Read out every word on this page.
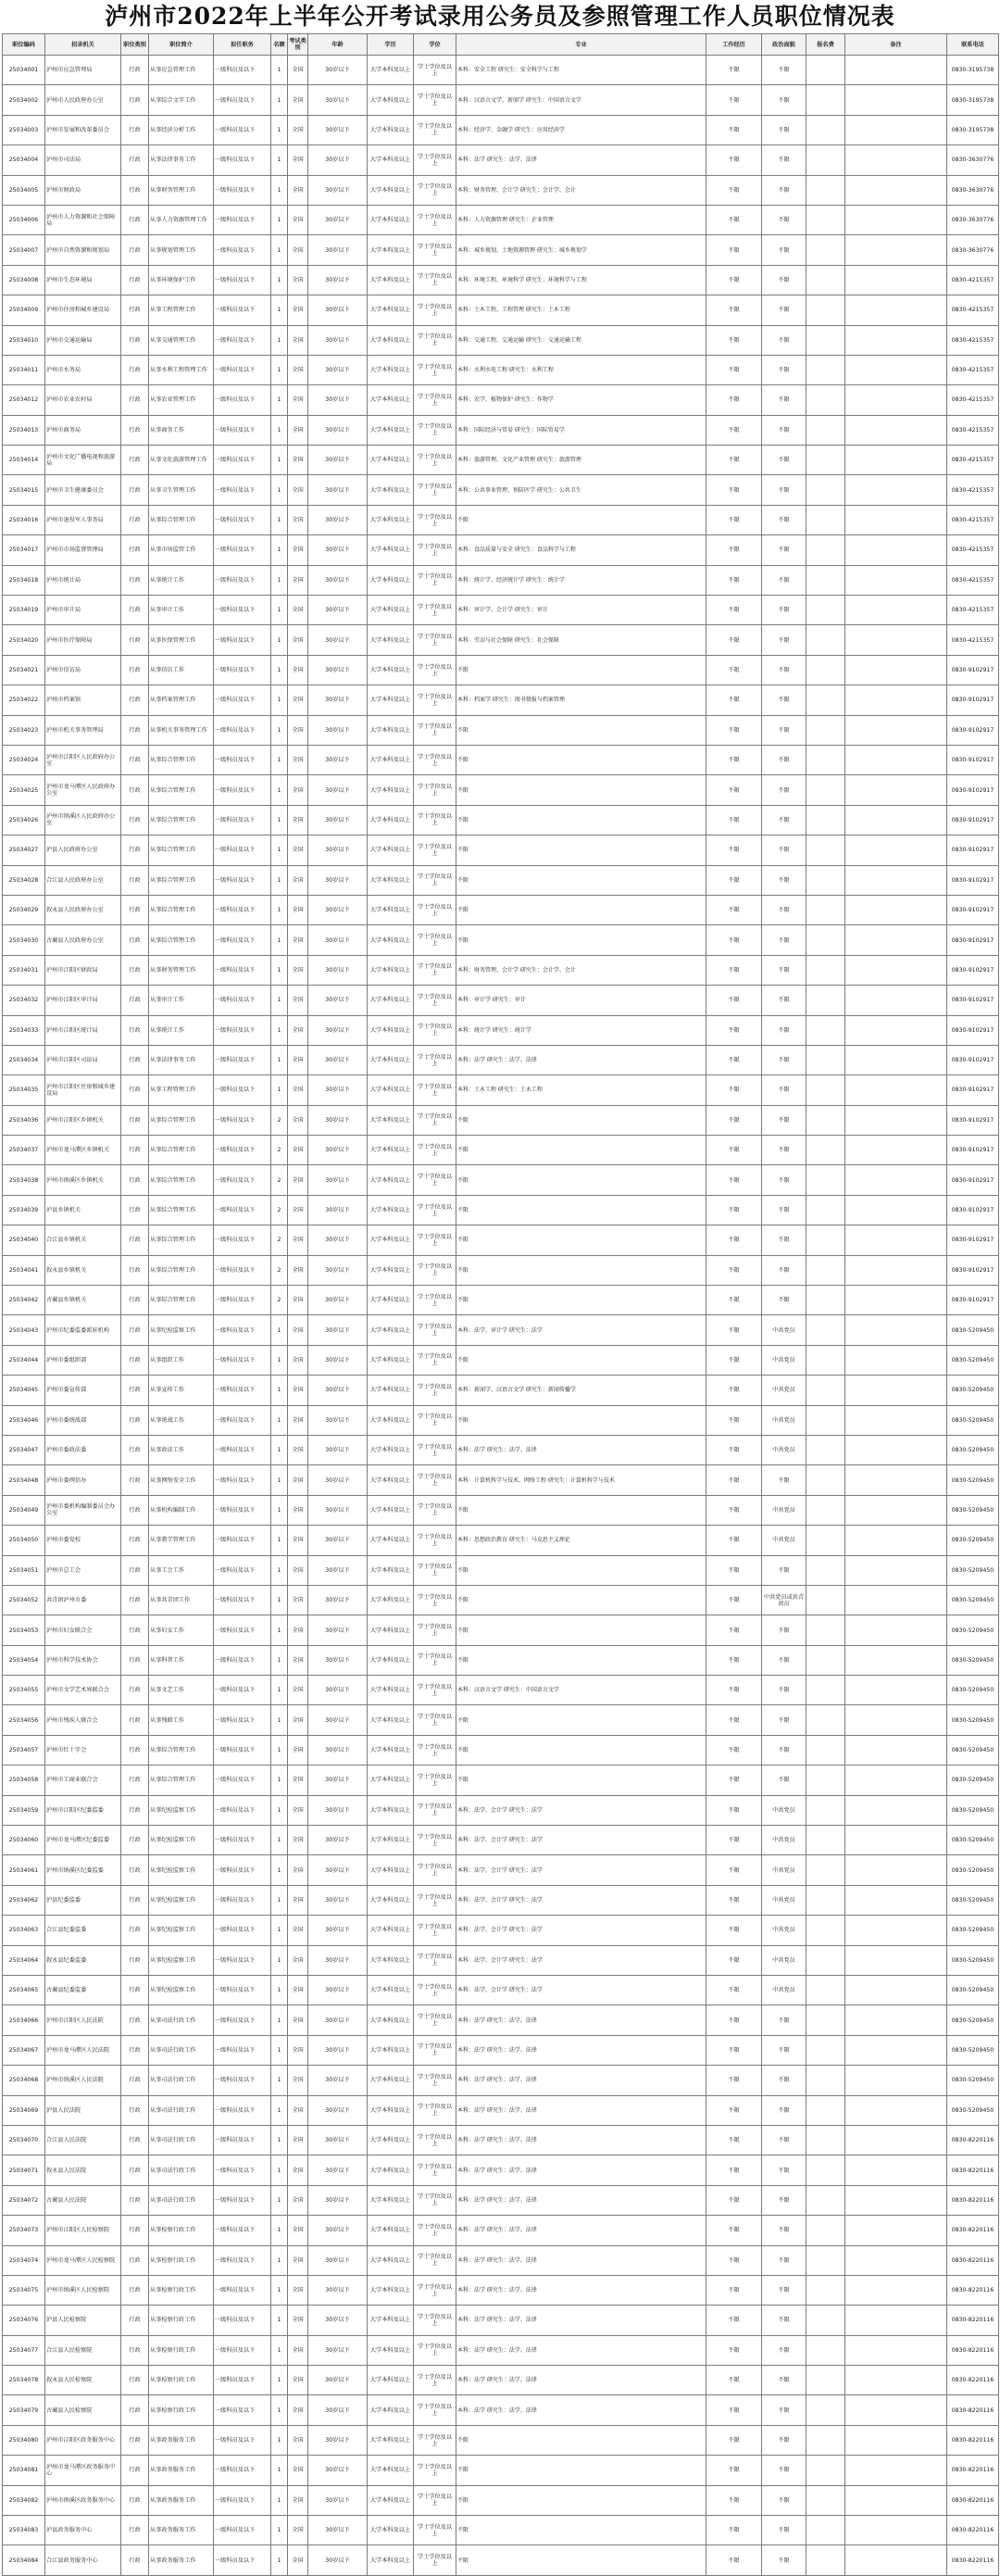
泸州市2022年上半年公开考试录用公务员及参照管理工作人员职位情况表
职位编码	招录机关	职位类别	职位简介	拟任职务	名额	考试类别	年龄	学历	学位	专业	工作经历	政治面貌	报名费	备注	联系电话
25034001	泸州市应急管理局	行政	从事应急管理工作	一级科员及以下	1	全国	30岁以下	大学本科及以上	学士学位及以上	本科：安全工程 研究生：安全科学与工程	不限	不限			0830-3195738
25034002	泸州市人民政府办公室	行政	从事综合文字工作	一级科员及以下	1	全国	30岁以下	大学本科及以上	学士学位及以上	本科：汉语言文学、新闻学 研究生：中国语言文学	不限	不限			0830-3195738
25034003	泸州市发展和改革委员会	行政	从事经济分析工作	一级科员及以下	1	全国	30岁以下	大学本科及以上	学士学位及以上	本科：经济学、金融学 研究生：应用经济学	不限	不限			0830-3195738
25034004	泸州市司法局	行政	从事法律事务工作	一级科员及以下	1	全国	30岁以下	大学本科及以上	学士学位及以上	本科：法学 研究生：法学、法律	不限	不限			0830-3630776
25034005	泸州市财政局	行政	从事财务管理工作	一级科员及以下	1	全国	30岁以下	大学本科及以上	学士学位及以上	本科：财务管理、会计学 研究生：会计学、会计	不限	不限			0830-3630776
25034006	泸州市人力资源和社会保障局	行政	从事人力资源管理工作	一级科员及以下	1	全国	30岁以下	大学本科及以上	学士学位及以上	本科：人力资源管理 研究生：企业管理	不限	不限			0830-3630776
25034007	泸州市自然资源和规划局	行政	从事规划管理工作	一级科员及以下	1	全国	30岁以下	大学本科及以上	学士学位及以上	本科：城乡规划、土地资源管理 研究生：城乡规划学	不限	不限			0830-3630776
25034008	泸州市生态环境局	行政	从事环境保护工作	一级科员及以下	1	全国	30岁以下	大学本科及以上	学士学位及以上	本科：环境工程、环境科学 研究生：环境科学与工程	不限	不限			0830-4215357
25034009	泸州市住房和城乡建设局	行政	从事工程管理工作	一级科员及以下	1	全国	30岁以下	大学本科及以上	学士学位及以上	本科：土木工程、工程管理 研究生：土木工程	不限	不限			0830-4215357
25034010	泸州市交通运输局	行政	从事交通管理工作	一级科员及以下	1	全国	30岁以下	大学本科及以上	学士学位及以上	本科：交通工程、交通运输 研究生：交通运输工程	不限	不限			0830-4215357
25034011	泸州市水务局	行政	从事水利工程管理工作	一级科员及以下	1	全国	30岁以下	大学本科及以上	学士学位及以上	本科：水利水电工程 研究生：水利工程	不限	不限			0830-4215357
25034012	泸州市农业农村局	行政	从事农业管理工作	一级科员及以下	1	全国	30岁以下	大学本科及以上	学士学位及以上	本科：农学、植物保护 研究生：作物学	不限	不限			0830-4215357
25034013	泸州市商务局	行政	从事商务工作	一级科员及以下	1	全国	30岁以下	大学本科及以上	学士学位及以上	本科：国际经济与贸易 研究生：国际贸易学	不限	不限			0830-4215357
25034014	泸州市文化广播电视和旅游局	行政	从事文化旅游管理工作	一级科员及以下	1	全国	30岁以下	大学本科及以上	学士学位及以上	本科：旅游管理、文化产业管理 研究生：旅游管理	不限	不限			0830-4215357
25034015	泸州市卫生健康委员会	行政	从事卫生管理工作	一级科员及以下	1	全国	30岁以下	大学本科及以上	学士学位及以上	本科：公共事业管理、预防医学 研究生：公共卫生	不限	不限			0830-4215357
25034016	泸州市退役军人事务局	行政	从事综合管理工作	一级科员及以下	1	全国	30岁以下	大学本科及以上	学士学位及以上	不限	不限	不限			0830-4215357
25034017	泸州市市场监督管理局	行政	从事市场监管工作	一级科员及以下	1	全国	30岁以下	大学本科及以上	学士学位及以上	本科：食品质量与安全 研究生：食品科学与工程	不限	不限			0830-4215357
25034018	泸州市统计局	行政	从事统计工作	一级科员及以下	1	全国	30岁以下	大学本科及以上	学士学位及以上	本科：统计学、经济统计学 研究生：统计学	不限	不限			0830-4215357
25034019	泸州市审计局	行政	从事审计工作	一级科员及以下	1	全国	30岁以下	大学本科及以上	学士学位及以上	本科：审计学、会计学 研究生：审计	不限	不限			0830-4215357
25034020	泸州市医疗保障局	行政	从事医保管理工作	一级科员及以下	1	全国	30岁以下	大学本科及以上	学士学位及以上	本科：劳动与社会保障 研究生：社会保障	不限	不限			0830-4215357
25034021	泸州市信访局	行政	从事信访工作	一级科员及以下	1	全国	30岁以下	大学本科及以上	学士学位及以上	不限	不限	不限			0830-9102917
25034022	泸州市档案馆	行政	从事档案管理工作	一级科员及以下	1	全国	30岁以下	大学本科及以上	学士学位及以上	本科：档案学 研究生：图书情报与档案管理	不限	不限			0830-9102917
25034023	泸州市机关事务管理局	行政	从事机关事务管理工作	一级科员及以下	1	全国	30岁以下	大学本科及以上	学士学位及以上	不限	不限	不限			0830-9102917
25034024	泸州市江阳区人民政府办公室	行政	从事综合管理工作	一级科员及以下	1	全国	30岁以下	大学本科及以上	学士学位及以上	不限	不限	不限			0830-9102917
25034025	泸州市龙马潭区人民政府办公室	行政	从事综合管理工作	一级科员及以下	1	全国	30岁以下	大学本科及以上	学士学位及以上	不限	不限	不限			0830-9102917
25034026	泸州市纳溪区人民政府办公室	行政	从事综合管理工作	一级科员及以下	1	全国	30岁以下	大学本科及以上	学士学位及以上	不限	不限	不限			0830-9102917
25034027	泸县人民政府办公室	行政	从事综合管理工作	一级科员及以下	1	全国	30岁以下	大学本科及以上	学士学位及以上	不限	不限	不限			0830-9102917
25034028	合江县人民政府办公室	行政	从事综合管理工作	一级科员及以下	1	全国	30岁以下	大学本科及以上	学士学位及以上	不限	不限	不限			0830-9102917
25034029	叙永县人民政府办公室	行政	从事综合管理工作	一级科员及以下	1	全国	30岁以下	大学本科及以上	学士学位及以上	不限	不限	不限			0830-9102917
25034030	古蔺县人民政府办公室	行政	从事综合管理工作	一级科员及以下	1	全国	30岁以下	大学本科及以上	学士学位及以上	不限	不限	不限			0830-9102917
25034031	泸州市江阳区财政局	行政	从事财务管理工作	一级科员及以下	1	全国	30岁以下	大学本科及以上	学士学位及以上	本科：财务管理、会计学 研究生：会计学、会计	不限	不限			0830-9102917
25034032	泸州市江阳区审计局	行政	从事审计工作	一级科员及以下	1	全国	30岁以下	大学本科及以上	学士学位及以上	本科：审计学 研究生：审计	不限	不限			0830-9102917
25034033	泸州市江阳区统计局	行政	从事统计工作	一级科员及以下	1	全国	30岁以下	大学本科及以上	学士学位及以上	本科：统计学 研究生：统计学	不限	不限			0830-9102917
25034034	泸州市江阳区司法局	行政	从事法律事务工作	一级科员及以下	1	全国	30岁以下	大学本科及以上	学士学位及以上	本科：法学 研究生：法学、法律	不限	不限			0830-9102917
25034035	泸州市江阳区住房和城乡建设局	行政	从事工程管理工作	一级科员及以下	1	全国	30岁以下	大学本科及以上	学士学位及以上	本科：土木工程 研究生：土木工程	不限	不限			0830-9102917
25034036	泸州市江阳区乡镇机关	行政	从事综合管理工作	一级科员及以下	2	全国	30岁以下	大学本科及以上	学士学位及以上	不限	不限	不限			0830-9102917
25034037	泸州市龙马潭区乡镇机关	行政	从事综合管理工作	一级科员及以下	2	全国	30岁以下	大学本科及以上	学士学位及以上	不限	不限	不限			0830-9102917
25034038	泸州市纳溪区乡镇机关	行政	从事综合管理工作	一级科员及以下	2	全国	30岁以下	大学本科及以上	学士学位及以上	不限	不限	不限			0830-9102917
25034039	泸县乡镇机关	行政	从事综合管理工作	一级科员及以下	2	全国	30岁以下	大学本科及以上	学士学位及以上	不限	不限	不限			0830-9102917
25034040	合江县乡镇机关	行政	从事综合管理工作	一级科员及以下	2	全国	30岁以下	大学本科及以上	学士学位及以上	不限	不限	不限			0830-9102917
25034041	叙永县乡镇机关	行政	从事综合管理工作	一级科员及以下	2	全国	30岁以下	大学本科及以上	学士学位及以上	不限	不限	不限			0830-9102917
25034042	古蔺县乡镇机关	行政	从事综合管理工作	一级科员及以下	2	全国	30岁以下	大学本科及以上	学士学位及以上	不限	不限	不限			0830-9102917
25034043	泸州市纪委监委派驻机构	行政	从事纪检监察工作	一级科员及以下	1	全国	30岁以下	大学本科及以上	学士学位及以上	本科：法学、审计学 研究生：法学	不限	中共党员			0830-5209450
25034044	泸州市委组织部	行政	从事组织工作	一级科员及以下	1	全国	30岁以下	大学本科及以上	学士学位及以上	不限	不限	中共党员			0830-5209450
25034045	泸州市委宣传部	行政	从事宣传工作	一级科员及以下	1	全国	30岁以下	大学本科及以上	学士学位及以上	本科：新闻学、汉语言文学 研究生：新闻传播学	不限	中共党员			0830-5209450
25034046	泸州市委统战部	行政	从事统战工作	一级科员及以下	1	全国	30岁以下	大学本科及以上	学士学位及以上	不限	不限	中共党员			0830-5209450
25034047	泸州市委政法委	行政	从事政法工作	一级科员及以下	1	全国	30岁以下	大学本科及以上	学士学位及以上	本科：法学 研究生：法学、法律	不限	中共党员			0830-5209450
25034048	泸州市委网信办	行政	从事网络安全工作	一级科员及以下	1	全国	30岁以下	大学本科及以上	学士学位及以上	本科：计算机科学与技术、网络工程 研究生：计算机科学与技术	不限	不限			0830-5209450
25034049	泸州市委机构编制委员会办公室	行政	从事机构编制工作	一级科员及以下	1	全国	30岁以下	大学本科及以上	学士学位及以上	不限	不限	中共党员			0830-5209450
25034050	泸州市委党校	行政	从事教学管理工作	一级科员及以下	1	全国	30岁以下	大学本科及以上	学士学位及以上	本科：思想政治教育 研究生：马克思主义理论	不限	中共党员			0830-5209450
25034051	泸州市总工会	行政	从事工会工作	一级科员及以下	1	全国	30岁以下	大学本科及以上	学士学位及以上	不限	不限	不限			0830-5209450
25034052	共青团泸州市委	行政	从事共青团工作	一级科员及以下	1	全国	30岁以下	大学本科及以上	学士学位及以上	不限	不限	中共党员或共青团员			0830-5209450
25034053	泸州市妇女联合会	行政	从事妇女工作	一级科员及以下	1	全国	30岁以下	大学本科及以上	学士学位及以上	不限	不限	不限			0830-5209450
25034054	泸州市科学技术协会	行政	从事科普工作	一级科员及以下	1	全国	30岁以下	大学本科及以上	学士学位及以上	不限	不限	不限			0830-5209450
25034055	泸州市文学艺术界联合会	行政	从事文艺工作	一级科员及以下	1	全国	30岁以下	大学本科及以上	学士学位及以上	本科：汉语言文学 研究生：中国语言文学	不限	不限			0830-5209450
25034056	泸州市残疾人联合会	行政	从事残联工作	一级科员及以下	1	全国	30岁以下	大学本科及以上	学士学位及以上	不限	不限	不限			0830-5209450
25034057	泸州市红十字会	行政	从事综合管理工作	一级科员及以下	1	全国	30岁以下	大学本科及以上	学士学位及以上	不限	不限	不限			0830-5209450
25034058	泸州市工商业联合会	行政	从事综合管理工作	一级科员及以下	1	全国	30岁以下	大学本科及以上	学士学位及以上	不限	不限	不限			0830-5209450
25034059	泸州市江阳区纪委监委	行政	从事纪检监察工作	一级科员及以下	1	全国	30岁以下	大学本科及以上	学士学位及以上	本科：法学、会计学 研究生：法学	不限	中共党员			0830-5209450
25034060	泸州市龙马潭区纪委监委	行政	从事纪检监察工作	一级科员及以下	1	全国	30岁以下	大学本科及以上	学士学位及以上	本科：法学、会计学 研究生：法学	不限	中共党员			0830-5209450
25034061	泸州市纳溪区纪委监委	行政	从事纪检监察工作	一级科员及以下	1	全国	30岁以下	大学本科及以上	学士学位及以上	本科：法学、会计学 研究生：法学	不限	中共党员			0830-5209450
25034062	泸县纪委监委	行政	从事纪检监察工作	一级科员及以下	1	全国	30岁以下	大学本科及以上	学士学位及以上	本科：法学、会计学 研究生：法学	不限	中共党员			0830-5209450
25034063	合江县纪委监委	行政	从事纪检监察工作	一级科员及以下	1	全国	30岁以下	大学本科及以上	学士学位及以上	本科：法学、会计学 研究生：法学	不限	中共党员			0830-5209450
25034064	叙永县纪委监委	行政	从事纪检监察工作	一级科员及以下	1	全国	30岁以下	大学本科及以上	学士学位及以上	本科：法学、会计学 研究生：法学	不限	中共党员			0830-5209450
25034065	古蔺县纪委监委	行政	从事纪检监察工作	一级科员及以下	1	全国	30岁以下	大学本科及以上	学士学位及以上	本科：法学、会计学 研究生：法学	不限	中共党员			0830-5209450
25034066	泸州市江阳区人民法院	行政	从事司法行政工作	一级科员及以下	1	全国	30岁以下	大学本科及以上	学士学位及以上	本科：法学 研究生：法学、法律	不限	不限			0830-5209450
25034067	泸州市龙马潭区人民法院	行政	从事司法行政工作	一级科员及以下	1	全国	30岁以下	大学本科及以上	学士学位及以上	本科：法学 研究生：法学、法律	不限	不限			0830-5209450
25034068	泸州市纳溪区人民法院	行政	从事司法行政工作	一级科员及以下	1	全国	30岁以下	大学本科及以上	学士学位及以上	本科：法学 研究生：法学、法律	不限	不限			0830-5209450
25034069	泸县人民法院	行政	从事司法行政工作	一级科员及以下	1	全国	30岁以下	大学本科及以上	学士学位及以上	本科：法学 研究生：法学、法律	不限	不限			0830-5209450
25034070	合江县人民法院	行政	从事司法行政工作	一级科员及以下	1	全国	30岁以下	大学本科及以上	学士学位及以上	本科：法学 研究生：法学、法律	不限	不限			0830-8220116
25034071	叙永县人民法院	行政	从事司法行政工作	一级科员及以下	1	全国	30岁以下	大学本科及以上	学士学位及以上	本科：法学 研究生：法学、法律	不限	不限			0830-8220116
25034072	古蔺县人民法院	行政	从事司法行政工作	一级科员及以下	1	全国	30岁以下	大学本科及以上	学士学位及以上	本科：法学 研究生：法学、法律	不限	不限			0830-8220116
25034073	泸州市江阳区人民检察院	行政	从事检察行政工作	一级科员及以下	1	全国	30岁以下	大学本科及以上	学士学位及以上	本科：法学 研究生：法学、法律	不限	不限			0830-8220116
25034074	泸州市龙马潭区人民检察院	行政	从事检察行政工作	一级科员及以下	1	全国	30岁以下	大学本科及以上	学士学位及以上	本科：法学 研究生：法学、法律	不限	不限			0830-8220116
25034075	泸州市纳溪区人民检察院	行政	从事检察行政工作	一级科员及以下	1	全国	30岁以下	大学本科及以上	学士学位及以上	本科：法学 研究生：法学、法律	不限	不限			0830-8220116
25034076	泸县人民检察院	行政	从事检察行政工作	一级科员及以下	1	全国	30岁以下	大学本科及以上	学士学位及以上	本科：法学 研究生：法学、法律	不限	不限			0830-8220116
25034077	合江县人民检察院	行政	从事检察行政工作	一级科员及以下	1	全国	30岁以下	大学本科及以上	学士学位及以上	本科：法学 研究生：法学、法律	不限	不限			0830-8220116
25034078	叙永县人民检察院	行政	从事检察行政工作	一级科员及以下	1	全国	30岁以下	大学本科及以上	学士学位及以上	本科：法学 研究生：法学、法律	不限	不限			0830-8220116
25034079	古蔺县人民检察院	行政	从事检察行政工作	一级科员及以下	1	全国	30岁以下	大学本科及以上	学士学位及以上	本科：法学 研究生：法学、法律	不限	不限			0830-8220116
25034080	泸州市江阳区政务服务中心	行政	从事政务服务工作	一级科员及以下	1	全国	30岁以下	大学本科及以上	学士学位及以上	不限	不限	不限			0830-8220116
25034081	泸州市龙马潭区政务服务中心	行政	从事政务服务工作	一级科员及以下	1	全国	30岁以下	大学本科及以上	学士学位及以上	不限	不限	不限			0830-8220116
25034082	泸州市纳溪区政务服务中心	行政	从事政务服务工作	一级科员及以下	1	全国	30岁以下	大学本科及以上	学士学位及以上	不限	不限	不限			0830-8220116
25034083	泸县政务服务中心	行政	从事政务服务工作	一级科员及以下	1	全国	30岁以下	大学本科及以上	学士学位及以上	不限	不限	不限			0830-8220116
25034084	合江县政务服务中心	行政	从事政务服务工作	一级科员及以下	1	全国	30岁以下	大学本科及以上	学士学位及以上	不限	不限	不限			0830-8220116
